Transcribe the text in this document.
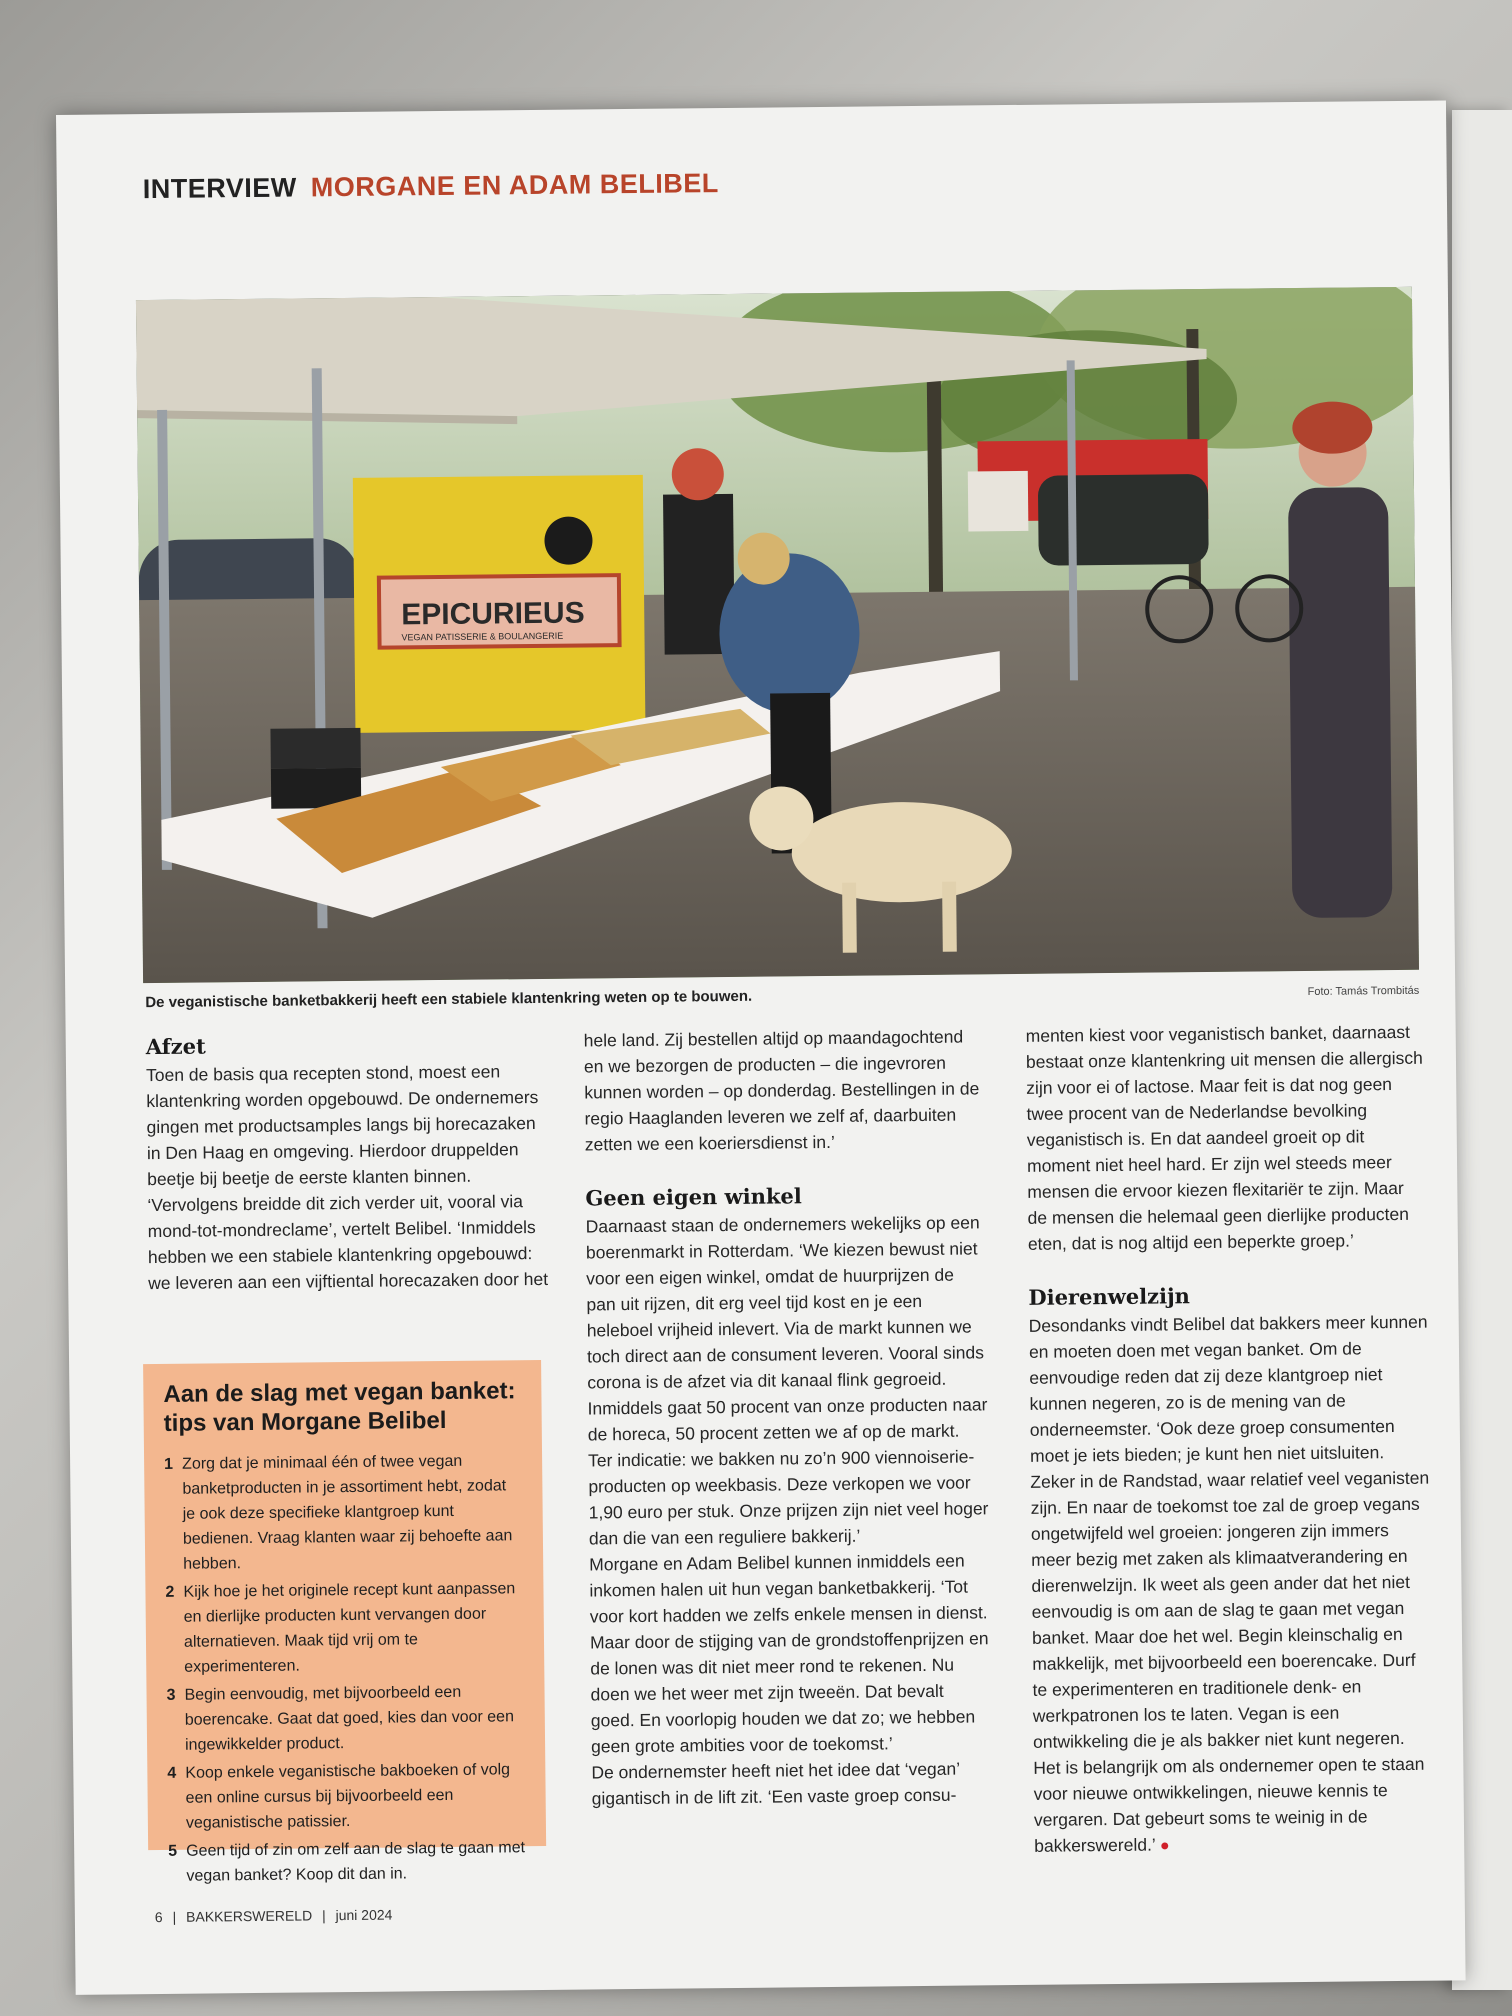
INTERVIEW MORGANE EN ADAM BELIBEL
EPICURIEUS
VEGAN PATISSERIE & BOULANGERIE
De veganistische banketbakkerij heeft een stabiele klantenkring weten op te bouwen.	Foto: Tamás Trombitás
Afzet

Toen de basis qua recepten stond, moest een klantenkring worden opgebouwd. De ondernemers gingen met productsamples langs bij horecazaken in Den Haag en omgeving. Hierdoor druppelden beetje bij beetje de eerste klanten binnen. ‘Vervolgens breidde dit zich verder uit, vooral via mond-tot-mondreclame’, vertelt Belibel. ‘Inmiddels hebben we een stabiele klantenkring opgebouwd: we leveren aan een vijftiental horecazaken door het

Aan de slag met vegan banket: tips van Morgane Belibel
1 Zorg dat je minimaal één of twee vegan banketproducten in je assortiment hebt, zodat je ook deze specifieke klantgroep kunt bedienen. Vraag klanten waar zij behoefte aan hebben.
2 Kijk hoe je het originele recept kunt aanpassen en dierlijke producten kunt vervangen door alternatieven. Maak tijd vrij om te experimenteren.
3 Begin eenvoudig, met bijvoorbeeld een boerencake. Gaat dat goed, kies dan voor een ingewikkelder product.
4 Koop enkele veganistische bakboeken of volg een online cursus bij bijvoorbeeld een veganistische patissier.
5 Geen tijd of zin om zelf aan de slag te gaan met vegan banket? Koop dit dan in.

hele land. Zij bestellen altijd op maandagochtend en we bezorgen de producten – die ingevroren kunnen worden – op donderdag. Bestellingen in de regio Haaglanden leveren we zelf af, daarbuiten zetten we een koeriersdienst in.’

Geen eigen winkel

Daarnaast staan de ondernemers wekelijks op een boerenmarkt in Rotterdam. ‘We kiezen bewust niet voor een eigen winkel, omdat de huurprijzen de pan uit rijzen, dit erg veel tijd kost en je een heleboel vrijheid inlevert. Via de markt kunnen we toch direct aan de consument leveren. Vooral sinds corona is de afzet via dit kanaal flink gegroeid. Inmiddels gaat 50 procent van onze producten naar de horeca, 50 procent zetten we af op de markt. Ter indicatie: we bakken nu zo’n 900 viennoiserie-producten op weekbasis. Deze verkopen we voor 1,90 euro per stuk. Onze prijzen zijn niet veel hoger dan die van een reguliere bakkerij.’

Morgane en Adam Belibel kunnen inmiddels een inkomen halen uit hun vegan banketbakkerij. ‘Tot voor kort hadden we zelfs enkele mensen in dienst. Maar door de stijging van de grondstoffenprijzen en de lonen was dit niet meer rond te rekenen. Nu doen we het weer met zijn tweeën. Dat bevalt goed. En voorlopig houden we dat zo; we hebben geen grote ambities voor de toekomst.’

De ondernemster heeft niet het idee dat ‘vegan’ gigantisch in de lift zit. ‘Een vaste groep consu-

menten kiest voor veganistisch banket, daarnaast bestaat onze klantenkring uit mensen die allergisch zijn voor ei of lactose. Maar feit is dat nog geen twee procent van de Nederlandse bevolking veganistisch is. En dat aandeel groeit op dit moment niet heel hard. Er zijn wel steeds meer mensen die ervoor kiezen flexitariër te zijn. Maar de mensen die helemaal geen dierlijke producten eten, dat is nog altijd een beperkte groep.’

Dierenwelzijn

Desondanks vindt Belibel dat bakkers meer kunnen en moeten doen met vegan banket. Om de eenvoudige reden dat zij deze klantgroep niet kunnen negeren, zo is de mening van de onderneemster. ‘Ook deze groep consumenten moet je iets bieden; je kunt hen niet uitsluiten. Zeker in de Randstad, waar relatief veel veganisten zijn. En naar de toekomst toe zal de groep vegans ongetwijfeld wel groeien: jongeren zijn immers meer bezig met zaken als klimaatverandering en dierenwelzijn. Ik weet als geen ander dat het niet eenvoudig is om aan de slag te gaan met vegan banket. Maar doe het wel. Begin kleinschalig en makkelijk, met bijvoorbeeld een boerencake. Durf te experimenteren en traditionele denk- en werkpatronen los te laten. Vegan is een ontwikkeling die je als bakker niet kunt negeren. Het is belangrijk om als ondernemer open te staan voor nieuwe ontwikkelingen, nieuwe kennis te vergaren. Dat gebeurt soms te weinig in de bakkerswereld.’ ●

6 | BAKKERSWERELD | juni 2024
